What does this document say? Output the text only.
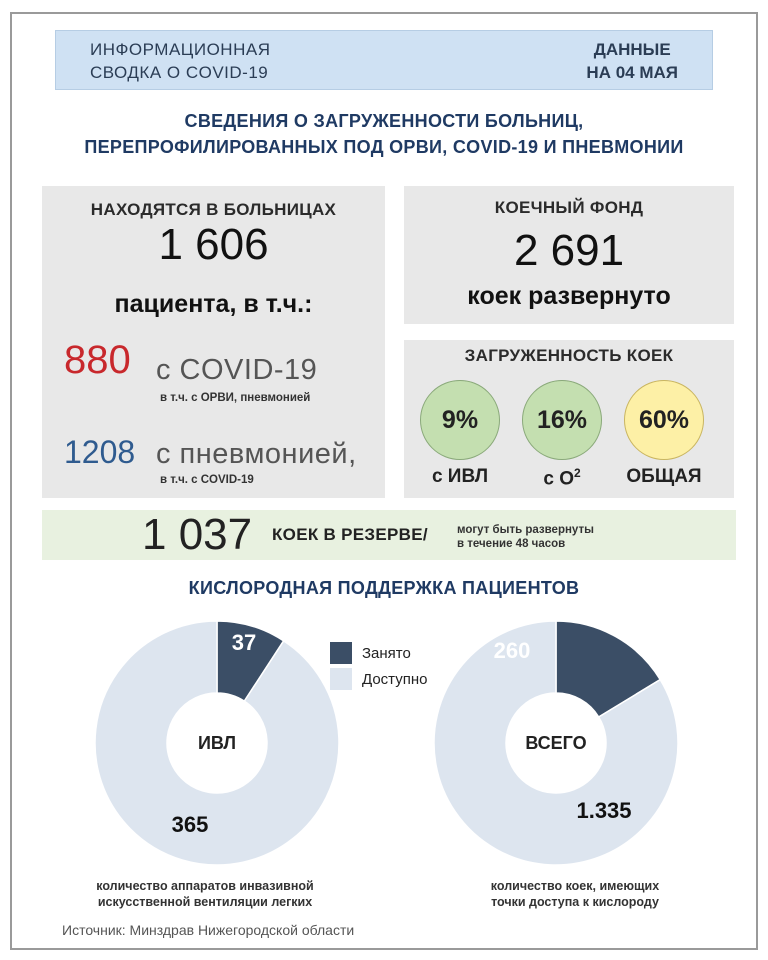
ИНФОРМАЦИОННАЯ
СВОДКА О COVID-19
ДАННЫЕ
НА 04 МАЯ
СВЕДЕНИЯ О ЗАГРУЖЕННОСТИ БОЛЬНИЦ,
ПЕРЕПРОФИЛИРОВАННЫХ ПОД ОРВИ, COVID-19 И ПНЕВМОНИИ
НАХОДЯТСЯ В БОЛЬНИЦАХ
1 606
пациента, в т.ч.:
880 с COVID-19
в т.ч. с ОРВИ, пневмонией
1208 с пневмонией,
в т.ч. с COVID-19
КОЕЧНЫЙ ФОНД
2 691
коек развернуто
ЗАГРУЖЕННОСТЬ КОЕК
9%	16%	60%
с ИВЛ	с $О^2$	ОБЩАЯ
1 037 КОЕК В РЕЗЕРВЕ/	могут быть развернуты
в течение 48 часов
КИСЛОРОДНАЯ ПОДДЕРЖКА ПАЦИЕНТОВ
37
365
ИВЛ
260
1.335
ВСЕГО
Занято
Доступно
количество аппаратов инвазивной
искусственной вентиляции легких
количество коек, имеющих
точки доступа к кислороду
Источник: Минздрав Нижегородской области
